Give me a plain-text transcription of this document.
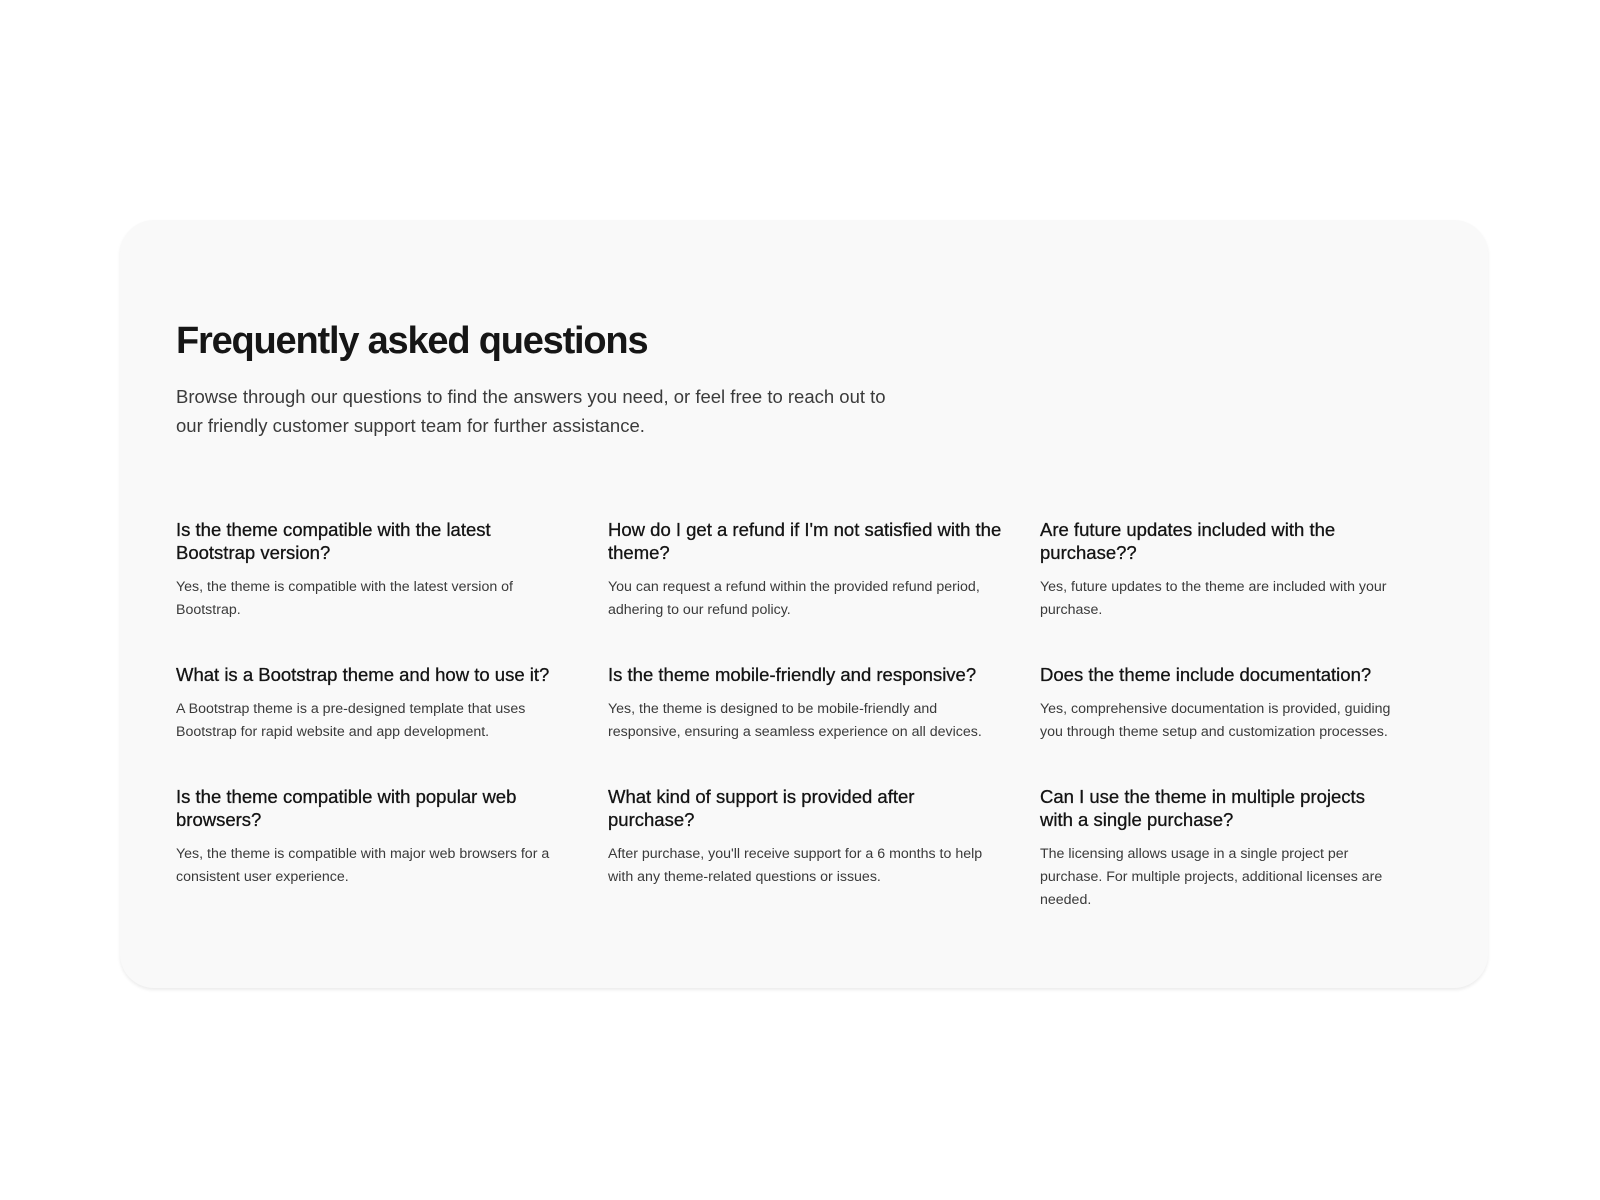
Frequently asked questions

Browse through our questions to find the answers you need, or feel free to reach out to our friendly customer support team for further assistance.

Is the theme compatible with the latest Bootstrap version?

Yes, the theme is compatible with the latest version of Bootstrap.

How do I get a refund if I'm not satisfied with the theme?

You can request a refund within the provided refund period, adhering to our refund policy.

Are future updates included with the purchase??

Yes, future updates to the theme are included with your purchase.

What is a Bootstrap theme and how to use it?

A Bootstrap theme is a pre-designed template that uses Bootstrap for rapid website and app development.

Is the theme mobile-friendly and responsive?

Yes, the theme is designed to be mobile-friendly and responsive, ensuring a seamless experience on all devices.

Does the theme include documentation?

Yes, comprehensive documentation is provided, guiding you through theme setup and customization processes.

Is the theme compatible with popular web browsers?

Yes, the theme is compatible with major web browsers for a consistent user experience.

What kind of support is provided after purchase?

After purchase, you'll receive support for a 6 months to help with any theme-related questions or issues.

Can I use the theme in multiple projects with a single purchase?

The licensing allows usage in a single project per purchase. For multiple projects, additional licenses are needed.
